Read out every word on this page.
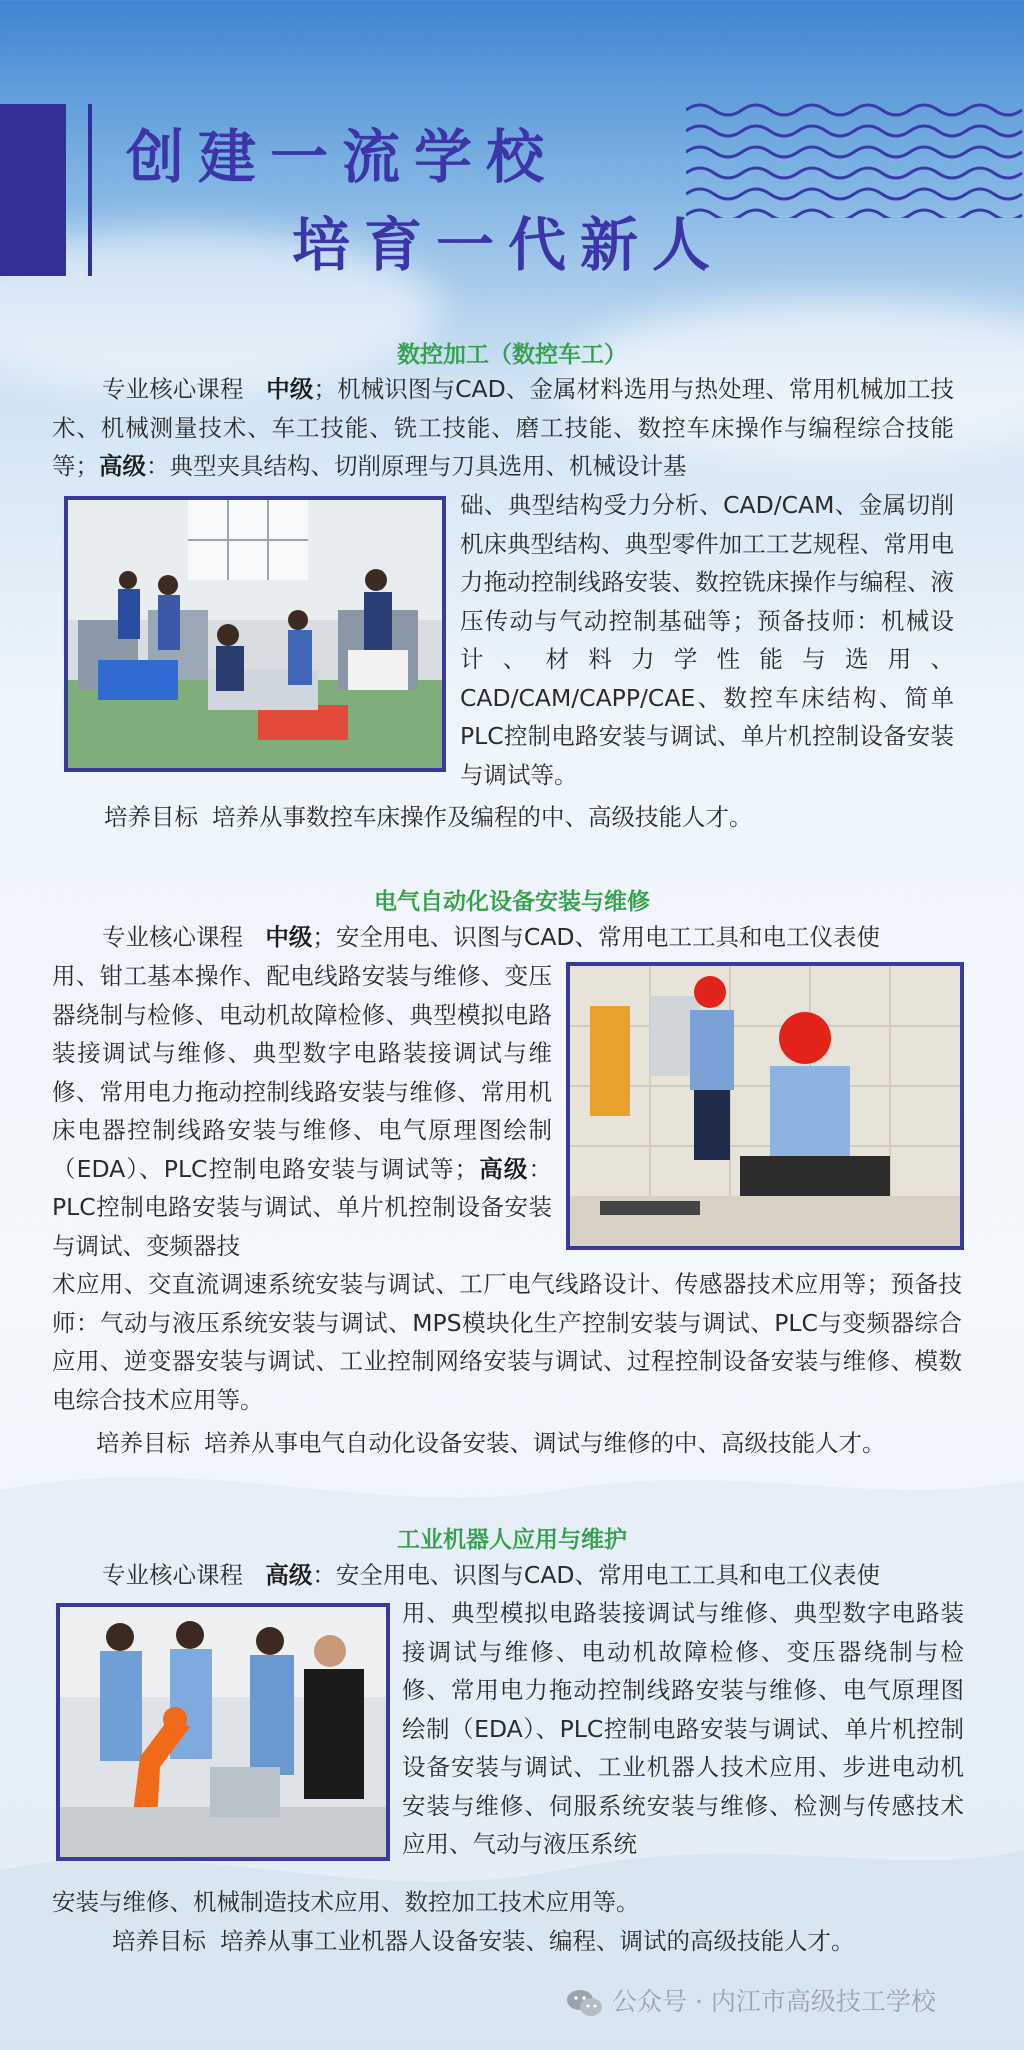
创建一流学校
培育一代新人
数控加工（数控车工）
专业核心课程 中级；机械识图与CAD、金属材料选用与热处理、常用机械加工技术、机械测量技术、车工技能、铣工技能、磨工技能、数控车床操作与编程综合技能等；高级：典型夹具结构、切削原理与刀具选用、机械设计基
础、典型结构受力分析、CAD/CAM、金属切削机床典型结构、典型零件加工工艺规程、常用电力拖动控制线路安装、数控铣床操作与编程、液压传动与气动控制基础等；预备技师：机械设计、材料力学性能与选用、CAD/CAM/CAPP/CAE、数控车床结构、简单PLC控制电路安装与调试、单片机控制设备安装与调试等。
培养目标 培养从事数控车床操作及编程的中、高级技能人才。
电气自动化设备安装与维修
专业核心课程 中级；安全用电、识图与CAD、常用电工工具和电工仪表使
用、钳工基本操作、配电线路安装与维修、变压器绕制与检修、电动机故障检修、典型模拟电路装接调试与维修、典型数字电路装接调试与维修、常用电力拖动控制线路安装与维修、常用机床电器控制线路安装与维修、电气原理图绘制（EDA）、PLC控制电路安装与调试等；高级：PLC控制电路安装与调试、单片机控制设备安装与调试、变频器技
术应用、交直流调速系统安装与调试、工厂电气线路设计、传感器技术应用等；预备技师：气动与液压系统安装与调试、MPS模块化生产控制安装与调试、PLC与变频器综合应用、逆变器安装与调试、工业控制网络安装与调试、过程控制设备安装与维修、模数电综合技术应用等。
培养目标 培养从事电气自动化设备安装、调试与维修的中、高级技能人才。
工业机器人应用与维护
专业核心课程 高级：安全用电、识图与CAD、常用电工工具和电工仪表使
用、典型模拟电路装接调试与维修、典型数字电路装接调试与维修、电动机故障检修、变压器绕制与检修、常用电力拖动控制线路安装与维修、电气原理图绘制（EDA）、PLC控制电路安装与调试、单片机控制设备安装与调试、工业机器人技术应用、步进电动机安装与维修、伺服系统安装与维修、检测与传感技术应用、气动与液压系统
安装与维修、机械制造技术应用、数控加工技术应用等。
培养目标 培养从事工业机器人设备安装、编程、调试的高级技能人才。
公众号 · 内江市高级技工学校
